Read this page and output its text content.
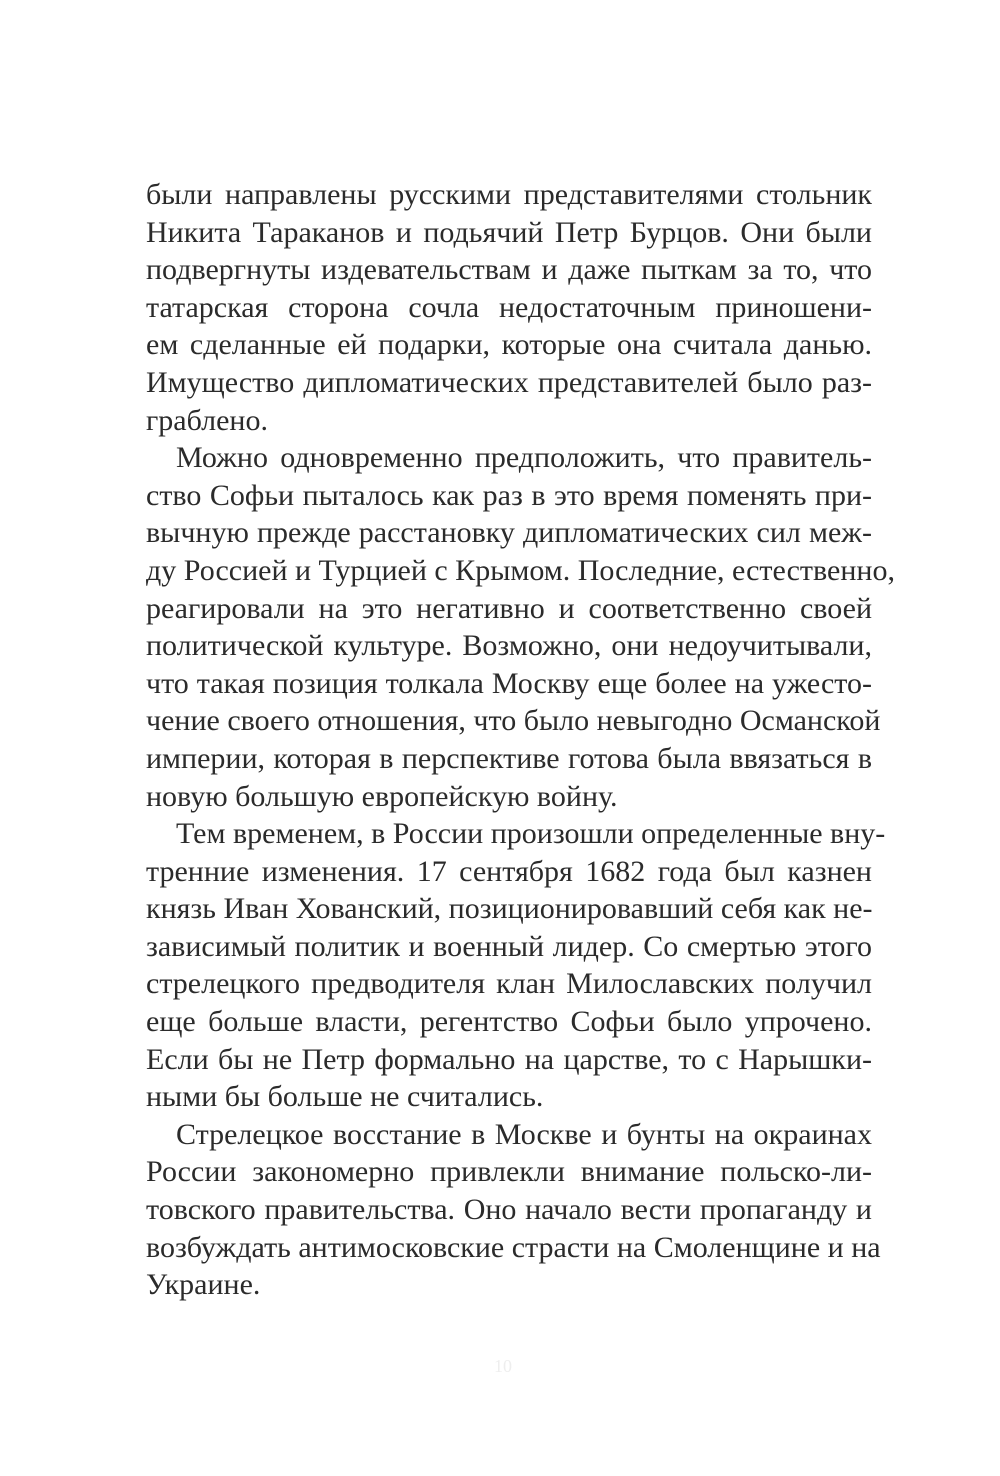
были направлены русскими представителями стольник
Никита Тараканов и подьячий Петр Бурцов. Они были
подвергнуты издевательствам и даже пыткам за то, что
татарская сторона сочла недостаточным приношени-
ем сделанные ей подарки, которые она считала данью.
Имущество дипломатических представителей было раз-
граблено.
Можно одновременно предположить, что правитель-
ство Софьи пыталось как раз в это время поменять при-
вычную прежде расстановку дипломатических сил меж-
ду Россией и Турцией с Крымом. Последние, естественно,
реагировали на это негативно и соответственно своей
политической культуре. Возможно, они недоучитывали,
что такая позиция толкала Москву еще более на ужесто-
чение своего отношения, что было невыгодно Османской
империи, которая в перспективе готова была ввязаться в
новую большую европейскую войну.
Тем временем, в России произошли определенные вну-
тренние изменения. 17 сентября 1682 года был казнен
князь Иван Хованский, позиционировавший себя как не-
зависимый политик и военный лидер. Со смертью этого
стрелецкого предводителя клан Милославских получил
еще больше власти, регентство Софьи было упрочено.
Если бы не Петр формально на царстве, то с Нарышки-
ными бы больше не считались.
Стрелецкое восстание в Москве и бунты на окраинах
России закономерно привлекли внимание польско-ли-
товского правительства. Оно начало вести пропаганду и
возбуждать антимосковские страсти на Смоленщине и на
Украине.
10
